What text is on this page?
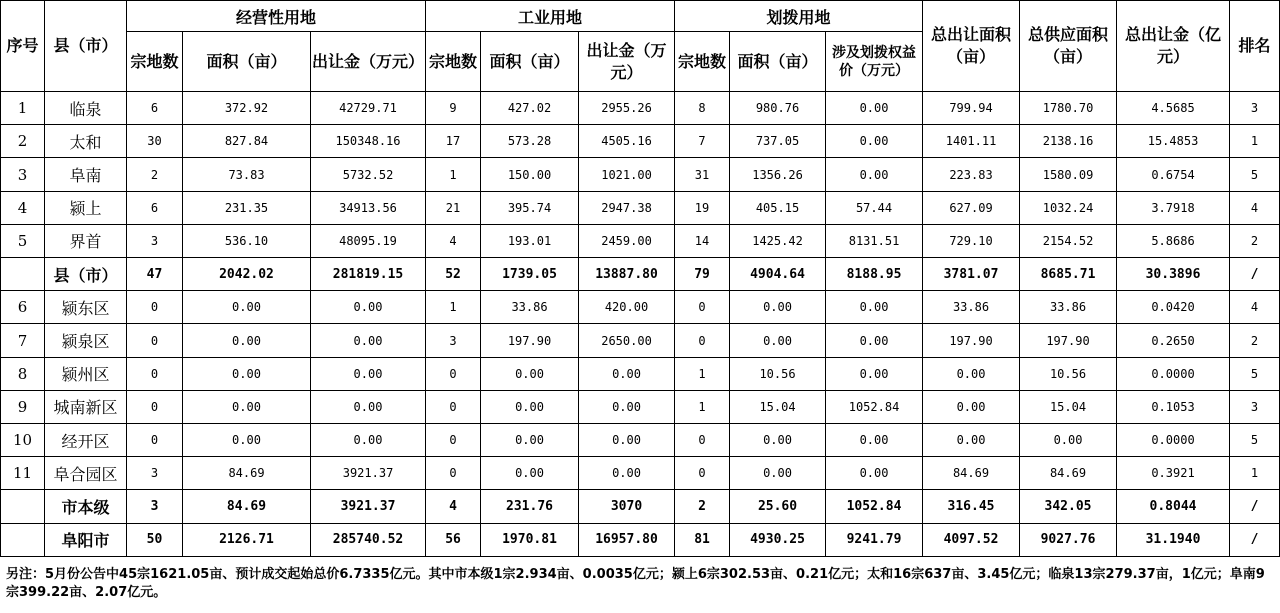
序号	县（市）	经营性用地			工业用地			划拨用地			总出让面积（亩）	总供应面积（亩）	总出让金（亿元）	排名
		宗地数	面积（亩）	出让金（万元）	宗地数	面积（亩）	出让金（万元）	宗地数	面积（亩）	涉及划拨权益价（万元）				
1	临泉	6	372.92	42729.71	9	427.02	2955.26	8	980.76	0.00	799.94	1780.70	4.5685	3
2	太和	30	827.84	150348.16	17	573.28	4505.16	7	737.05	0.00	1401.11	2138.16	15.4853	1
3	阜南	2	73.83	5732.52	1	150.00	1021.00	31	1356.26	0.00	223.83	1580.09	0.6754	5
4	颍上	6	231.35	34913.56	21	395.74	2947.38	19	405.15	57.44	627.09	1032.24	3.7918	4
5	界首	3	536.10	48095.19	4	193.01	2459.00	14	1425.42	8131.51	729.10	2154.52	5.8686	2
	县（市）	47	2042.02	281819.15	52	1739.05	13887.80	79	4904.64	8188.95	3781.07	8685.71	30.3896	/
6	颍东区	0	0.00	0.00	1	33.86	420.00	0	0.00	0.00	33.86	33.86	0.0420	4
7	颍泉区	0	0.00	0.00	3	197.90	2650.00	0	0.00	0.00	197.90	197.90	0.2650	2
8	颍州区	0	0.00	0.00	0	0.00	0.00	1	10.56	0.00	0.00	10.56	0.0000	5
9	城南新区	0	0.00	0.00	0	0.00	0.00	1	15.04	1052.84	0.00	15.04	0.1053	3
10	经开区	0	0.00	0.00	0	0.00	0.00	0	0.00	0.00	0.00	0.00	0.0000	5
11	阜合园区	3	84.69	3921.37	0	0.00	0.00	0	0.00	0.00	84.69	84.69	0.3921	1
	市本级	3	84.69	3921.37	4	231.76	3070	2	25.60	1052.84	316.45	342.05	0.8044	/
	阜阳市	50	2126.71	285740.52	56	1970.81	16957.80	81	4930.25	9241.79	4097.52	9027.76	31.1940	/
另注：5月份公告中45宗1621.05亩、预计成交起始总价6.7335亿元。其中市本级1宗2.934亩、0.0035亿元；颍上6宗302.53亩、0.21亿元；太和16宗637亩、3.45亿元；临泉13宗279.37亩，1亿元；阜南9宗399.22亩、2.07亿元。
